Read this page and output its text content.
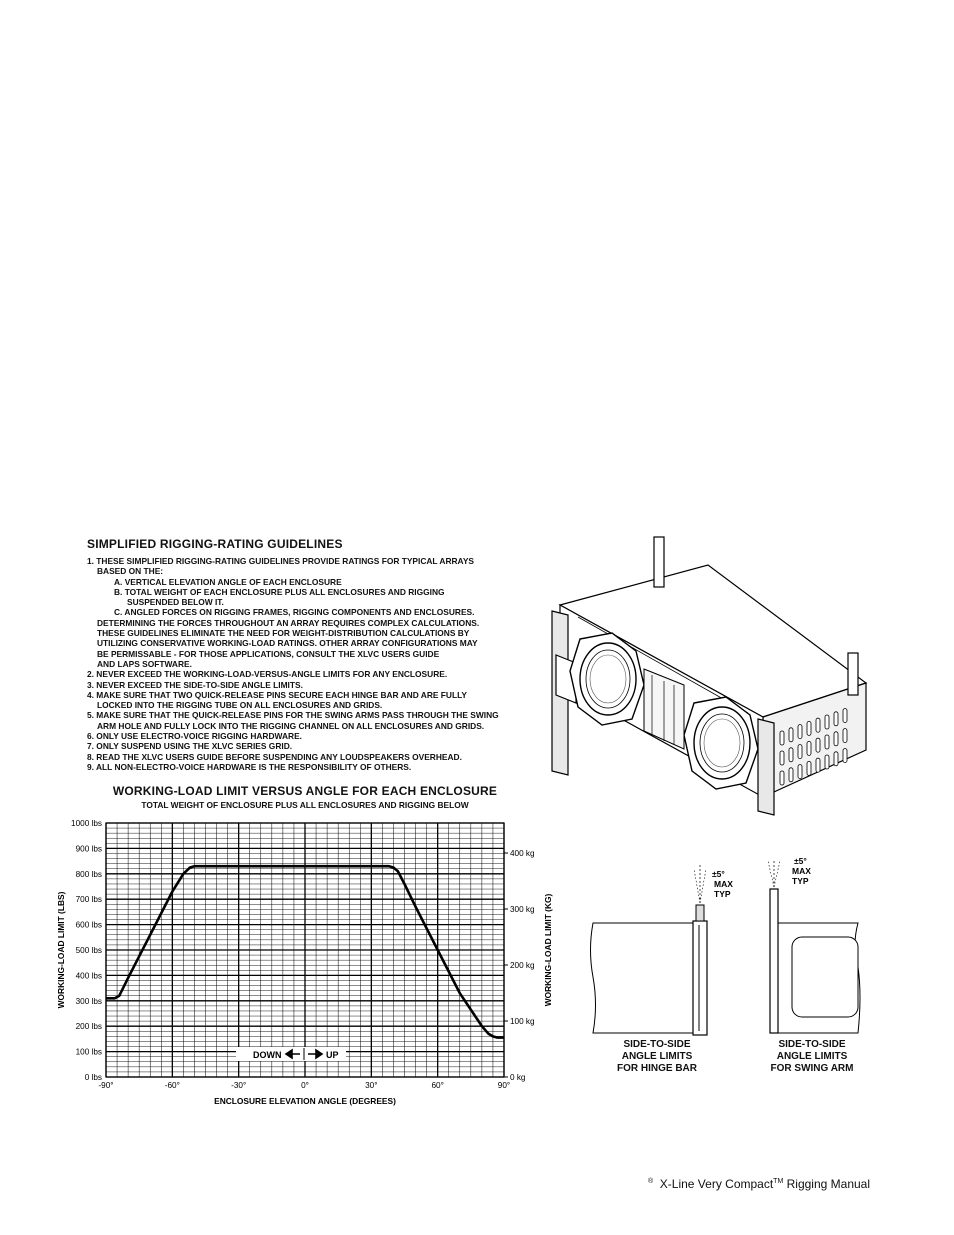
SIMPLIFIED RIGGING-RATING GUIDELINES
1. THESE SIMPLIFIED RIGGING-RATING GUIDELINES PROVIDE RATINGS FOR TYPICAL ARRAYS
BASED ON THE:
A. VERTICAL ELEVATION ANGLE OF EACH ENCLOSURE
B. TOTAL WEIGHT OF EACH ENCLOSURE PLUS ALL ENCLOSURES AND RIGGING
SUSPENDED BELOW IT.
C. ANGLED FORCES ON RIGGING FRAMES, RIGGING COMPONENTS AND ENCLOSURES.
DETERMINING THE FORCES THROUGHOUT AN ARRAY REQUIRES COMPLEX CALCULATIONS.
THESE GUIDELINES ELIMINATE THE NEED FOR WEIGHT-DISTRIBUTION CALCULATIONS BY
UTILIZING CONSERVATIVE WORKING-LOAD RATINGS. OTHER ARRAY CONFIGURATIONS MAY
BE PERMISSABLE - FOR THOSE APPLICATIONS, CONSULT THE XLVC USERS GUIDE
AND LAPS SOFTWARE.
2. NEVER EXCEED THE WORKING-LOAD-VERSUS-ANGLE LIMITS FOR ANY ENCLOSURE.
3. NEVER EXCEED THE SIDE-TO-SIDE ANGLE LIMITS.
4. MAKE SURE THAT TWO QUICK-RELEASE PINS SECURE EACH HINGE BAR AND ARE FULLY
LOCKED INTO THE RIGGING TUBE ON ALL ENCLOSURES AND GRIDS.
5. MAKE SURE THAT THE QUICK-RELEASE PINS FOR THE SWING ARMS PASS THROUGH THE SWING
ARM HOLE AND FULLY LOCK INTO THE RIGGING CHANNEL ON ALL ENCLOSURES AND GRIDS.
6. ONLY USE ELECTRO-VOICE RIGGING HARDWARE.
7. ONLY SUSPEND USING THE XLVC SERIES GRID.
8. READ THE XLVC USERS GUIDE BEFORE SUSPENDING ANY LOUDSPEAKERS OVERHEAD.
9. ALL NON-ELECTRO-VOICE HARDWARE IS THE RESPONSIBILITY OF OTHERS.
WORKING-LOAD LIMIT VERSUS ANGLE FOR EACH ENCLOSURE
TOTAL WEIGHT OF ENCLOSURE PLUS ALL ENCLOSURES AND RIGGING BELOW
0 lbs
100 lbs
200 lbs
300 lbs
400 lbs
500 lbs
600 lbs
700 lbs
800 lbs
900 lbs
1000 lbs
0 kg
100 kg
200 kg
300 kg
400 kg
-90°	-60°	-30°	0°	30°	60°	90°
WORKING-LOAD LIMIT (LBS)	WORKING-LOAD LIMIT (KG)
ENCLOSURE ELEVATION ANGLE (DEGREES)
DOWN	UP
±5°
MAX
TYP
±5°
MAX
TYP
SIDE-TO-SIDE
ANGLE LIMITS
FOR HINGE BAR
SIDE-TO-SIDE
ANGLE LIMITS
FOR SWING ARM
® X-Line Very Compact™ Rigging Manual
